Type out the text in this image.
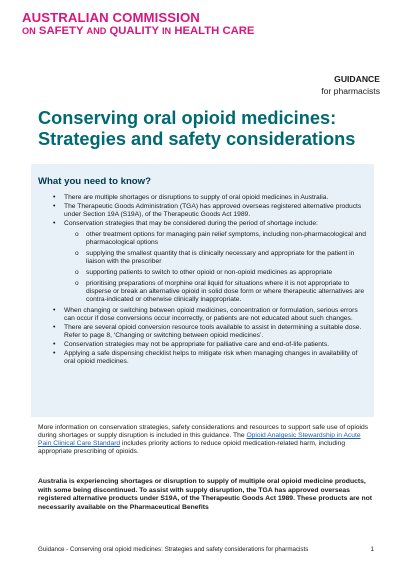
AUSTRALIAN COMMISSION
ON SAFETY AND QUALITY IN HEALTH CARE
GUIDANCE
for pharmacists
Conserving oral opioid medicines:
Strategies and safety considerations
What you need to know?
• There are multiple shortages or disruptions to supply of oral opioid medicines in Australia.
• The Therapeutic Goods Administration (TGA) has approved overseas registered alternative products under Section 19A (S19A), of the Therapeutic Goods Act 1989.
• Conservation strategies that may be considered during the period of shortage include:
o other treatment options for managing pain relief symptoms, including non-pharmacological and pharmacological options
o supplying the smallest quantity that is clinically necessary and appropriate for the patient in liaison with the prescriber
o supporting patients to switch to other opioid or non-opioid medicines as appropriate
o prioritising preparations of morphine oral liquid for situations where it is not appropriate to disperse or break an alternative opioid in solid dose form or where therapeutic alternatives are contra-indicated or otherwise clinically inappropriate.
• When changing or switching between opioid medicines, concentration or formulation, serious errors can occur if dose conversions occur incorrectly, or patients are not educated about such changes.
• There are several opioid conversion resource tools available to assist in determining a suitable dose. Refer to page 8, ‘Changing or switching between opioid medicines’.
• Conservation strategies may not be appropriate for palliative care and end-of-life patients.
• Applying a safe dispensing checklist helps to mitigate risk when managing changes in availability of oral opioid medicines.
More information on conservation strategies, safety considerations and resources to support safe use of opioids during shortages or supply disruption is included in this guidance. The Opioid Analgesic Stewardship in Acute Pain Clinical Care Standard includes priority actions to reduce opioid medication-related harm, including appropriate prescribing of opioids.
Australia is experiencing shortages or disruption to supply of multiple oral opioid medicine products, with some being discontinued. To assist with supply disruption, the TGA has approved overseas registered alternative products under S19A, of the Therapeutic Goods Act 1989. These products are not necessarily available on the Pharmaceutical Benefits
Guidance - Conserving oral opioid medicines: Strategies and safety considerations for pharmacists	1
